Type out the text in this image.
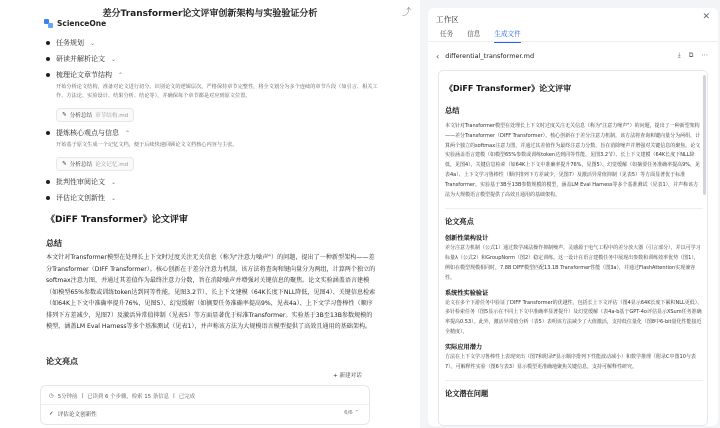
差分Transformer论文评审创新架构与实验验证分析	⤴
ScienceOne
任务规划 ⌄
研读并解析论文 ⌄
梳理论文章节结构 ⌃
开始分析论文结构，准备对论文进行切分。识别论文的逻辑层次，严格保持章节完整性，将全文划分为多个连续的章节片段（如引言、相关工作、方法论、实验设计、结果分析、结论等），并确保每个章节都是对应到原文位置。
✎ 分析总结 章节结构.md
提炼核心观点与信息 ⌃
开始基于原文生成一个记忆文档，便于后续快速回顾论文文档核心内容与主张。
✎ 分析总结 论文记忆.md
批判性审阅论文 ⌄
评估论文创新性 ⌄
《DiFF Transformer》论文评审
总结
本文针对Transformer模型在处理长上下文时过度关注无关信息（称为"注意力噪声"）的问题，提出了一种新型架构——差分Transformer（DIFF Transformer）。核心创新在于差分注意力机制，该方法将查询和键向量分为两组，计算两个独立的softmax注意力图，并通过其差值作为最终注意力分数，旨在消除噪声并增强对关键信息的聚焦。论文实验涵盖语言建模（如模型65%参数或训练token达到同等性能，见图3.2节）、长上下文建模（64K长度下NLL降低，见图4）、关键信息检索（如64K上下文中准确率提升76%，见图5）、幻觉缓解（如摘要任务准确率提高9%，见表4a）、上下文学习鲁棒性（顺序排列下方差减少，见图7）及激活异常值抑制（见表5）等方面显著优于标准Transformer。实验基于3B至13B参数规模的模型，涵盖LM Eval Harness等多个基准测试（见表1），并声称该方法为大规模语言模型提供了高效且通用的基础架构。
论文亮点
+ 新建对话
◷ 5分钟前 | 已读到 6 个步骤，检索 15 条信息 | 已完成
✓ 评估论文创新性	6/6 ⌃
工作区	✕
任务 信息 生成文件
‹ differential_transformer.md	⤓ ⧉ ⋯
《DiFF Transformer》论文评审
总结
本文针对Transformer模型在处理长上下文时过度关注无关信息（称为"注意力噪声"）的问题，提出了一种新型架构——差分Transformer（DIFF Transformer）。核心创新在于差分注意力机制，该方法将查询和键向量分为两组，计算两个独立的softmax注意力图，并通过其差值作为最终注意力分数，旨在消除噪声并增强对关键信息的聚焦。论文实验涵盖语言建模（如模型65%参数或训练token达到同等性能，见图3.2节）、长上下文建模（64K长度下NLL降低，见图4）、关键信息检索（如64K上下文中准确率提升76%，见图5）、幻觉缓解（如摘要任务准确率提高9%，见表4a）、上下文学习鲁棒性（顺序排列下方差减少，见图7）及激活异常值抑制（见表5）等方面显著优于标准Transformer。实验基于3B至13B参数规模的模型，涵盖LM Eval Harness等多个基准测试（见表1），并声称该方法为大规模语言模型提供了高效且通用的基础架构。
论文亮点
创新性架构设计
差分注意力机制（公式1）通过数学减法操作抑制噪声，灵感源于电气工程中的差分放大器（引言部分），并以可学习标量λ（公式2）和GroupNorm（图2）稳定训练。这一设计在语言建模任务中展现出参数和训练效率优势（图1），例如在模型规模相同时，7.8B DIFF模型匹配13.1B Transformer性能（图3a），并通过FlashAttention实现兼容性。
系统性实验验证
论文在多个下游任务中验证了DIFF Transformer的优越性，包括长上下文评估（图4显示64K长度下累积NLL更低）、多针检索任务（图5显示在不同上下文中准确率显著提升）及幻觉缓解（表4a-b基于GPT-4o评估显示XSum任务准确率提高0.53）。此外，激活异常值分析（表5）表明该方法减少了大值激活，支持低位量化（图8中6-bit量化性能接近全精度）。
实际应用潜力
方法在上下文学习鲁棒性上表现突出（图7和附录F显示顺序排列下性能波动减小）和数学推理（附录C中图10与表7）。可解释性实验（图6与表3）显示模型更准确地聚焦关键信息，支持可解释性研究。
论文潜在问题
